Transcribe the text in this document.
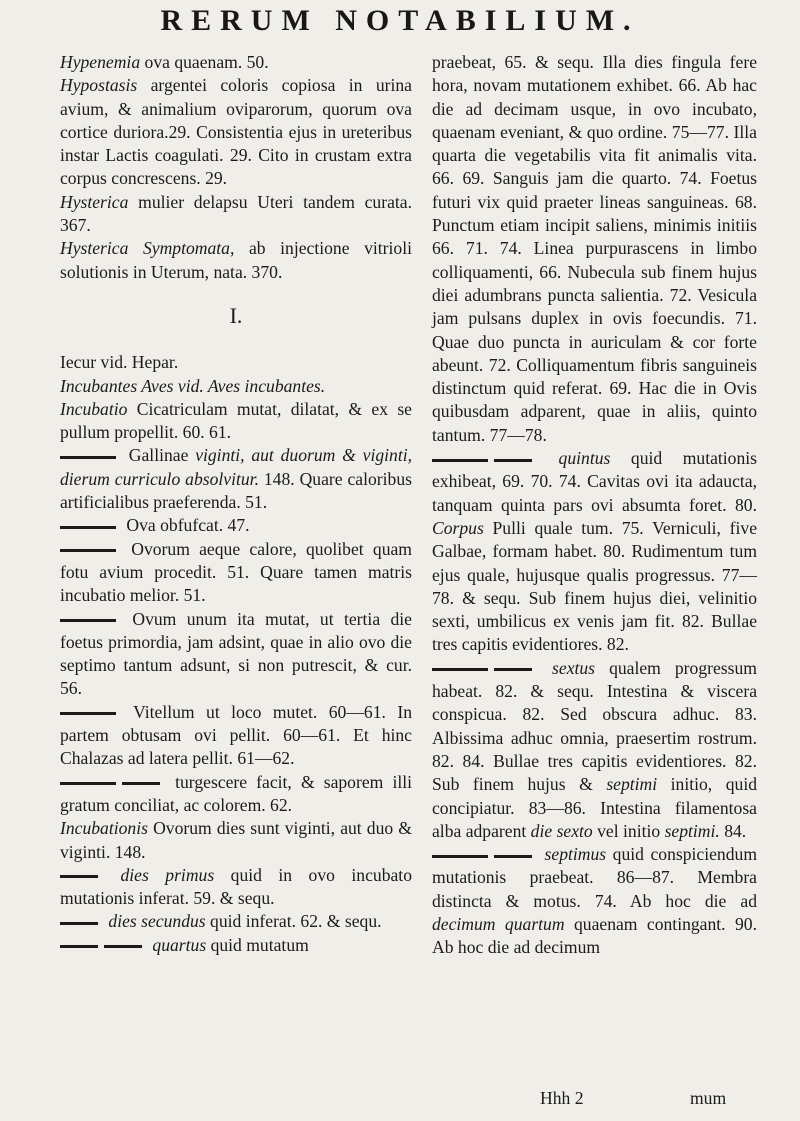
RERUM NOTABILIUM.

Hypenemia ova quaenam. 50.

Hypostasis argentei coloris copiosa in urina avium, & animalium oviparorum, quorum ova cortice duriora.29. Consistentia ejus in ureteribus instar Lactis coagulati. 29. Cito in crustam extra corpus concrescens. 29.

Hysterica mulier delapsu Uteri tandem curata. 367.

Hysterica Symptomata, ab injectione vitrioli solutionis in Uterum, nata. 370.

I.

Iecur vid. Hepar.

Incubantes Aves vid. Aves incubantes.

Incubatio Cicatriculam mutat, dilatat, & ex se pullum propellit. 60. 61.

Gallinae viginti, aut duorum & viginti, dierum curriculo absolvitur. 148. Quare caloribus artificialibus praeferenda. 51.

Ova obfufcat. 47.

Ovorum aeque calore, quolibet quam fotu avium procedit. 51. Quare tamen matris incubatio melior. 51.

Ovum unum ita mutat, ut tertia die foetus primordia, jam adsint, quae in alio ovo die septimo tantum adsunt, si non putrescit, & cur. 56.

Vitellum ut loco mutet. 60—61. In partem obtusam ovi pellit. 60—61. Et hinc Chalazas ad latera pellit. 61—62.

turgescere facit, & saporem illi gratum conciliat, ac colorem. 62.

Incubationis Ovorum dies sunt viginti, aut duo & viginti. 148.

dies primus quid in ovo incubato mutationis inferat. 59. & sequ.

dies secundus quid inferat. 62. & sequ.

quartus quid mutatum

praebeat, 65. & sequ. Illa dies fingula fere hora, novam mutationem exhibet. 66. Ab hac die ad decimam usque, in ovo incubato, quaenam eveniant, & quo ordine. 75—77. Illa quarta die vegetabilis vita fit animalis vita. 66. 69. Sanguis jam die quarto. 74. Foetus futuri vix quid praeter lineas sanguineas. 68. Punctum etiam incipit saliens, minimis initiis 66. 71. 74. Linea purpurascens in limbo colliquamenti, 66. Nubecula sub finem hujus diei adumbrans puncta salientia. 72. Vesicula jam pulsans duplex in ovis foecundis. 71. Quae duo puncta in auriculam & cor forte abeunt. 72. Colliquamentum fibris sanguineis distinctum quid referat. 69. Hac die in Ovis quibusdam adparent, quae in aliis, quinto tantum. 77—78.

quintus quid mutationis exhibeat, 69. 70. 74. Cavitas ovi ita adaucta, tanquam quinta pars ovi absumta foret. 80. Corpus Pulli quale tum. 75. Verniculi, five Galbae, formam habet. 80. Rudimentum tum ejus quale, hujusque qualis progressus. 77—78. & sequ. Sub finem hujus diei, velinitio sexti, umbilicus ex venis jam fit. 82. Bullae tres capitis evidentiores. 82.

sextus qualem progressum habeat. 82. & sequ. Intestina & viscera conspicua. 82. Sed obscura adhuc. 83. Albissima adhuc omnia, praesertim rostrum. 82. 84. Bullae tres capitis evidentiores. 82. Sub finem hujus & septimi initio, quid concipiatur. 83—86. Intestina filamentosa alba adparent die sexto vel initio septimi. 84.

septimus quid conspiciendum mutationis praebeat. 86—87. Membra distincta & motus. 74. Ab hoc die ad decimum quartum quaenam contingant. 90. Ab hoc die ad decimum

Hhh 2	mum
